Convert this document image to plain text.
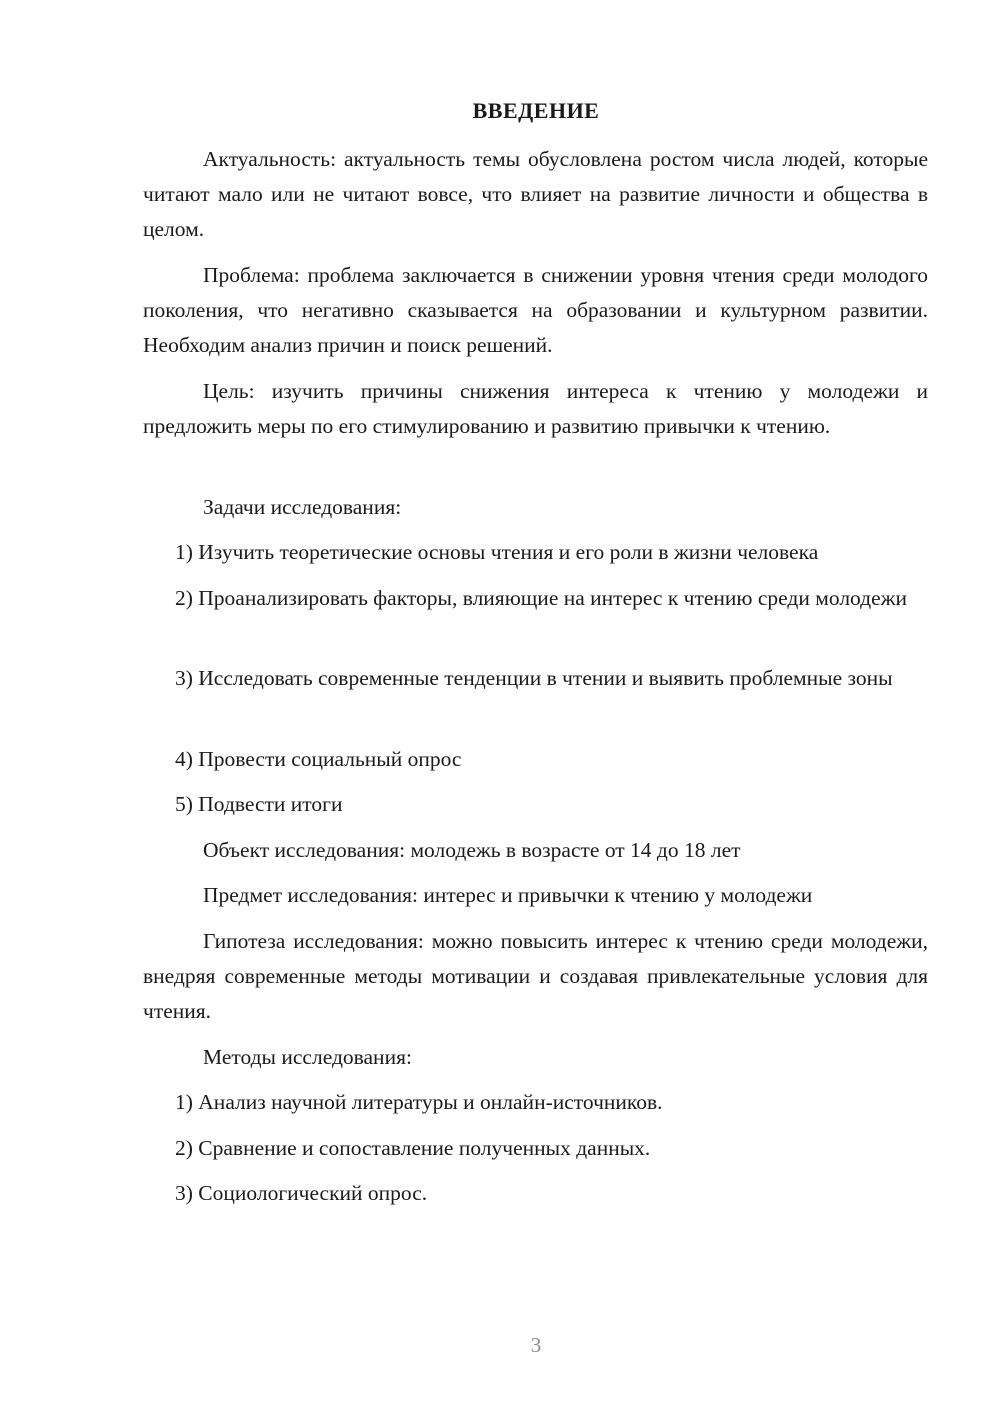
ВВЕДЕНИЕ

Актуальность: актуальность темы обусловлена ростом числа людей, которые читают мало или не читают вовсе, что влияет на развитие личности и общества в целом.

Проблема: проблема заключается в снижении уровня чтения среди молодого поколения, что негативно сказывается на образовании и культурном развитии. Необходим анализ причин и поиск решений.

Цель: изучить причины снижения интереса к чтению у молодежи и предложить меры по его стимулированию и развитию привычки к чтению.

Задачи исследования:

1) Изучить теоретические основы чтения и его роли в жизни человека

2) Проанализировать факторы, влияющие на интерес к чтению среди молодежи

3) Исследовать современные тенденции в чтении и выявить проблемные зоны

4) Провести социальный опрос

5) Подвести итоги

Объект исследования: молодежь в возрасте от 14 до 18 лет

Предмет исследования: интерес и привычки к чтению у молодежи

Гипотеза исследования: можно повысить интерес к чтению среди молодежи, внедряя современные методы мотивации и создавая привлекательные условия для чтения.

Методы исследования:

1) Анализ научной литературы и онлайн-источников.

2) Сравнение и сопоставление полученных данных.

3) Социологический опрос.

3
